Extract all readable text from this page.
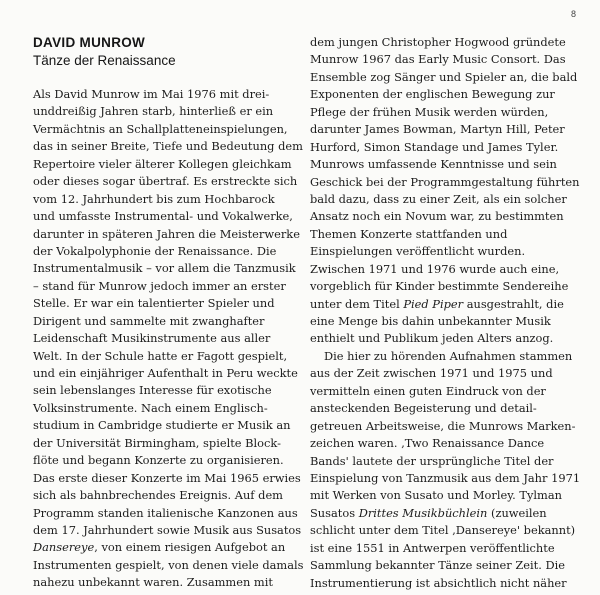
8
DAVID MUNROW
Tänze der Renaissance
Als David Munrow im Mai 1976 mit drei-
unddreißig Jahren starb, hinterließ er ein
Vermächtnis an Schallplatteneinspielungen,
das in seiner Breite, Tiefe und Bedeutung dem
Repertoire vieler älterer Kollegen gleichkam
oder dieses sogar übertraf. Es erstreckte sich
vom 12. Jahrhundert bis zum Hochbarock
und umfasste Instrumental- und Vokalwerke,
darunter in späteren Jahren die Meisterwerke
der Vokalpolyphonie der Renaissance. Die
Instrumentalmusik – vor allem die Tanzmusik
– stand für Munrow jedoch immer an erster
Stelle. Er war ein talentierter Spieler und
Dirigent und sammelte mit zwanghafter
Leidenschaft Musikinstrumente aus aller
Welt. In der Schule hatte er Fagott gespielt,
und ein einjähriger Aufenthalt in Peru weckte
sein lebenslanges Interesse für exotische
Volksinstrumente. Nach einem Englisch-
studium in Cambridge studierte er Musik an
der Universität Birmingham, spielte Block-
flöte und begann Konzerte zu organisieren.
Das erste dieser Konzerte im Mai 1965 erwies
sich als bahnbrechendes Ereignis. Auf dem
Programm standen italienische Kanzonen aus
dem 17. Jahrhundert sowie Musik aus Susatos
Dansereye, von einem riesigen Aufgebot an
Instrumenten gespielt, von denen viele damals
nahezu unbekannt waren. Zusammen mit
dem jungen Christopher Hogwood gründete
Munrow 1967 das Early Music Consort. Das
Ensemble zog Sänger und Spieler an, die bald
Exponenten der englischen Bewegung zur
Pflege der frühen Musik werden würden,
darunter James Bowman, Martyn Hill, Peter
Hurford, Simon Standage und James Tyler.
Munrows umfassende Kenntnisse und sein
Geschick bei der Programmgestaltung führten
bald dazu, dass zu einer Zeit, als ein solcher
Ansatz noch ein Novum war, zu bestimmten
Themen Konzerte stattfanden und
Einspielungen veröffentlicht wurden.
Zwischen 1971 und 1976 wurde auch eine,
vorgeblich für Kinder bestimmte Sendereihe
unter dem Titel Pied Piper ausgestrahlt, die
eine Menge bis dahin unbekannter Musik
enthielt und Publikum jeden Alters anzog.
Die hier zu hörenden Aufnahmen stammen
aus der Zeit zwischen 1971 und 1975 und
vermitteln einen guten Eindruck von der
ansteckenden Begeisterung und detail-
getreuen Arbeitsweise, die Munrows Marken-
zeichen waren. ‚Two Renaissance Dance
Bands' lautete der ursprüngliche Titel der
Einspielung von Tanzmusik aus dem Jahr 1971
mit Werken von Susato und Morley. Tylman
Susatos Drittes Musikbüchlein (zuweilen
schlicht unter dem Titel ‚Dansereye' bekannt)
ist eine 1551 in Antwerpen veröffentlichte
Sammlung bekannter Tänze seiner Zeit. Die
Instrumentierung ist absichtlich nicht näher
